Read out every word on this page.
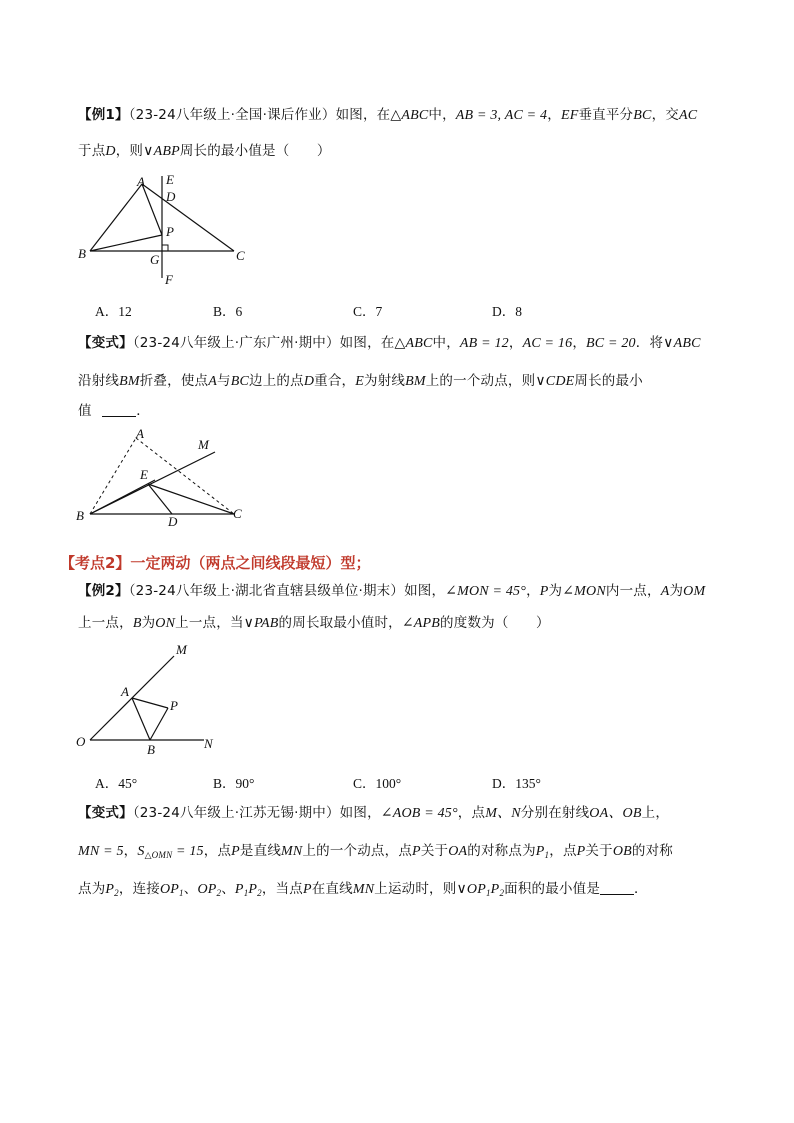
【例1】（23-24八年级上·全国·课后作业）如图，在△ABC中，AB = 3, AC = 4，EF垂直平分BC，交AC
于点D，则∨ABP周长的最小值是（　　）
A E
D
P
B	G	C
F
A．12	B．6	C．7	D．8
【变式】（23-24八年级上·广东广州·期中）如图，在△ABC中，AB = 12，AC = 16，BC = 20．将∨ABC
沿射线BM折叠，使点A与BC边上的点D重合，E为射线BM上的一个动点，则∨CDE周长的最小
值	．
A
M
E
B	D
C
【考点2】一定两动（两点之间线段最短）型；
【例2】（23-24八年级上·湖北省直辖县级单位·期末）如图，∠MON = 45°，P为∠MON内一点，A为OM
上一点，B为ON上一点，当∨PAB的周长取最小值时，∠APB的度数为（　　）
M
A
P
O
B	N
A．45°	B．90°	C．100°	D．135°
【变式】（23-24八年级上·江苏无锡·期中）如图，∠AOB = 45°，点M、N分别在射线OA、OB上，
MN = 5，$S_{\triangle OMN} = 15$，点P是直线MN上的一个动点，点P关于OA的对称点为$P_1$，点P关于OB的对称
点为$P_2$，连接$OP_1$、$OP_2$、$P_1P_2$，当点P在直线MN上运动时，则$\vee OP_1P_2$面积的最小值是	．
